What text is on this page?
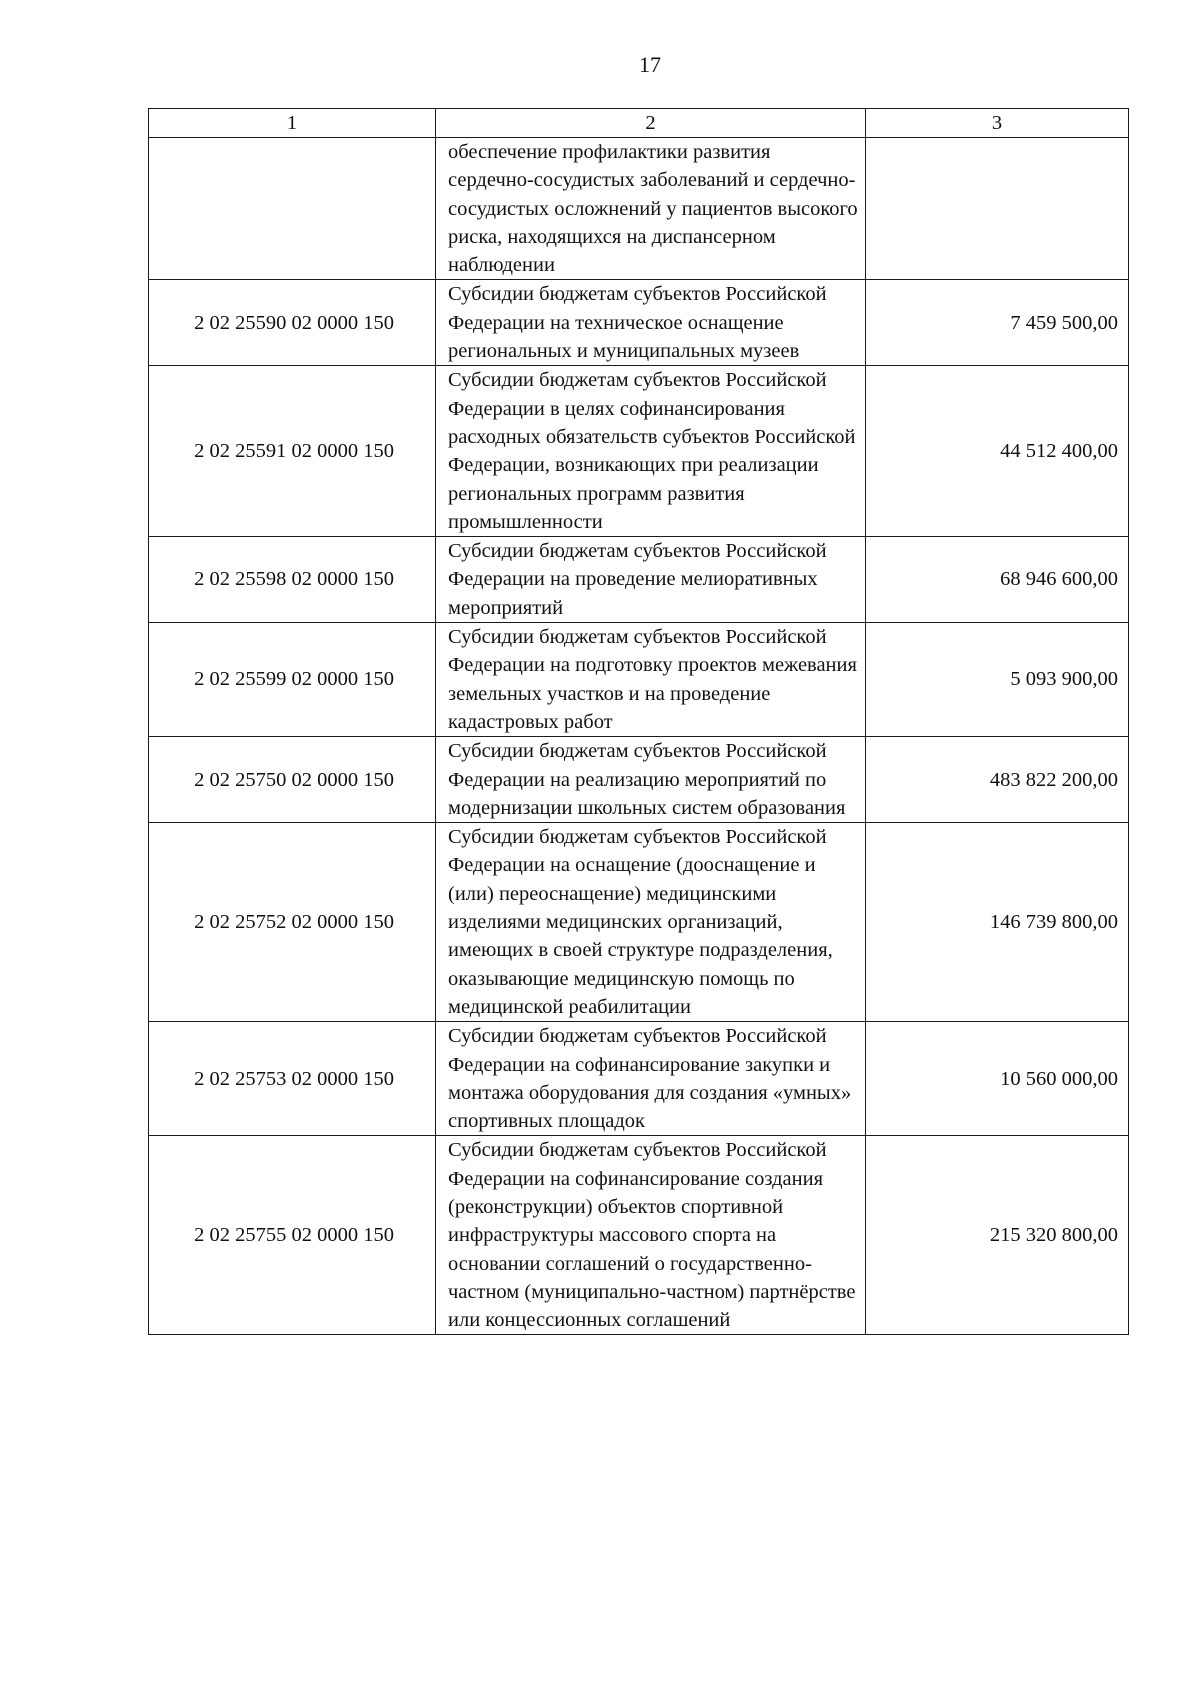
17
1	2	3
	обеспечение профилактики развития сердечно-сосудистых заболеваний и сердечно-сосудистых осложнений у пациентов высокого риска, находящихся на диспансерном наблюдении	
2 02 25590 02 0000 150	Субсидии бюджетам субъектов Российской Федерации на техническое оснащение региональных и муниципальных музеев	7 459 500,00
2 02 25591 02 0000 150	Субсидии бюджетам субъектов Российской Федерации в целях софинансирования расходных обязательств субъектов Российской Федерации, возникающих при реализации региональных программ развития промышленности	44 512 400,00
2 02 25598 02 0000 150	Субсидии бюджетам субъектов Российской Федерации на проведение мелиоративных мероприятий	68 946 600,00
2 02 25599 02 0000 150	Субсидии бюджетам субъектов Российской Федерации на подготовку проектов межевания земельных участков и на проведение кадастровых работ	5 093 900,00
2 02 25750 02 0000 150	Субсидии бюджетам субъектов Российской Федерации на реализацию мероприятий по модернизации школьных систем образования	483 822 200,00
2 02 25752 02 0000 150	Субсидии бюджетам субъектов Российской Федерации на оснащение (дооснащение и (или) переоснащение) медицинскими изделиями медицинских организаций, имеющих в своей структуре подразделения, оказывающие медицинскую помощь по медицинской реабилитации	146 739 800,00
2 02 25753 02 0000 150	Субсидии бюджетам субъектов Российской Федерации на софинансирование закупки и монтажа оборудования для создания «умных» спортивных площадок	10 560 000,00
2 02 25755 02 0000 150	Субсидии бюджетам субъектов Российской Федерации на софинансирование создания (реконструкции) объектов спортивной инфраструктуры массового спорта на основании соглашений о государственно-частном (муниципально-частном) партнёрстве или концессионных соглашений	215 320 800,00
